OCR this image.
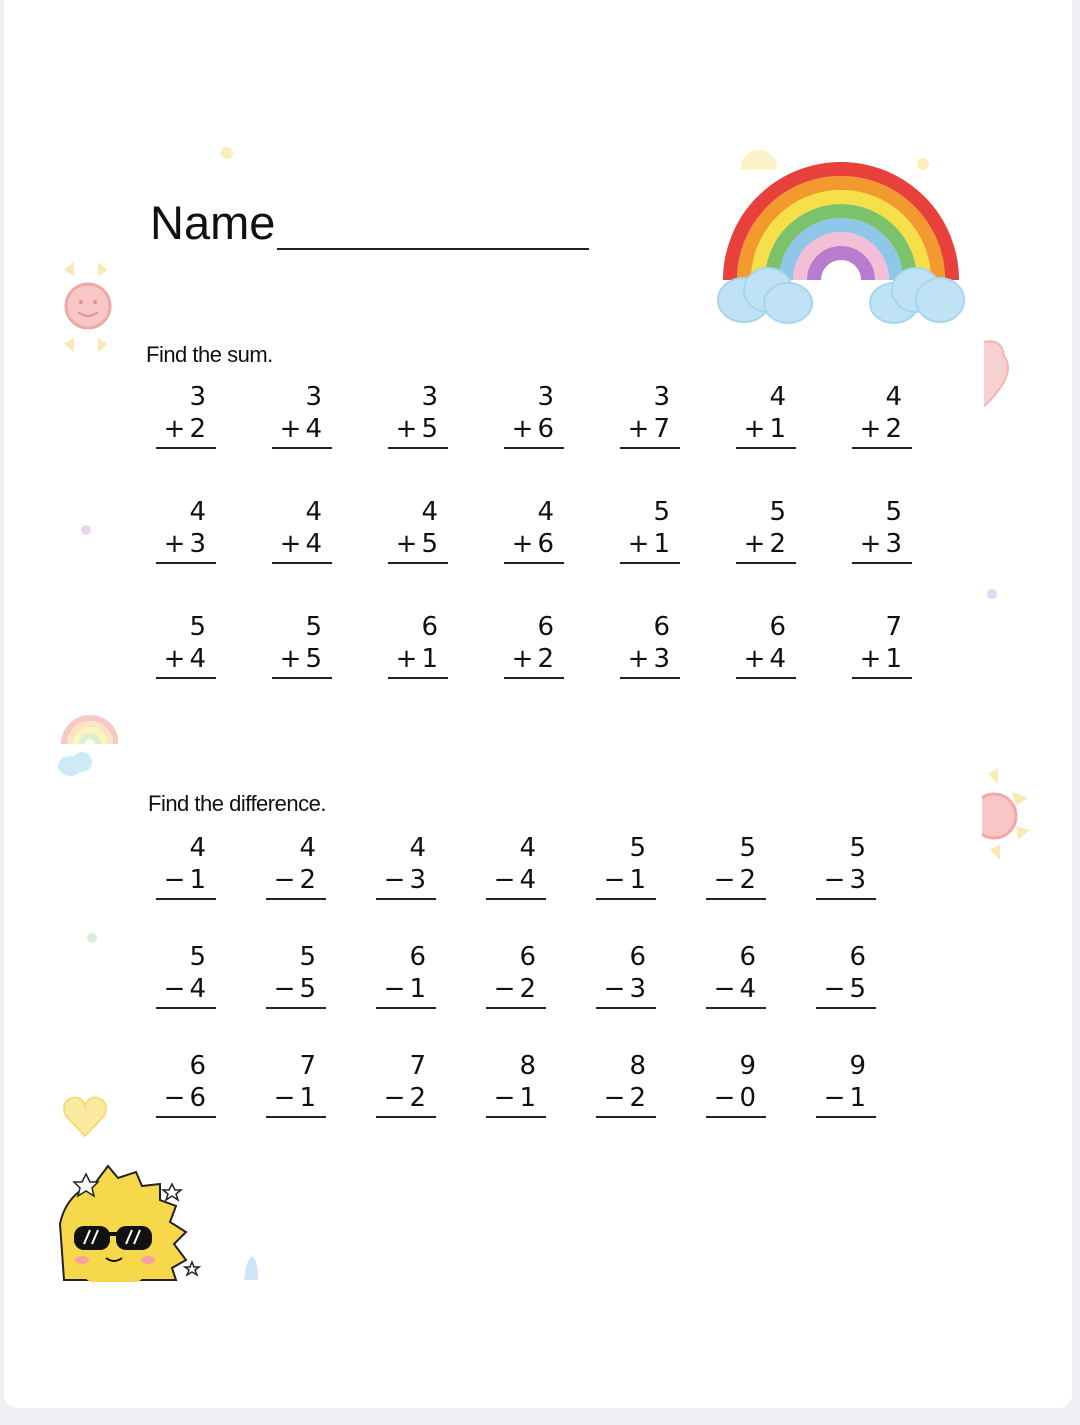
Name
Find the sum.
3
+ 2
3
+ 4
3
+ 5
3
+ 6
3
+ 7
4
+ 1
4
+ 2
4
+ 3
4
+ 4
4
+ 5
4
+ 6
5
+ 1
5
+ 2
5
+ 3
5
+ 4
5
+ 5
6
+ 1
6
+ 2
6
+ 3
6
+ 4
7
+ 1
Find the difference.
4
− 1
4
− 2
4
− 3
4
− 4
5
− 1
5
− 2
5
− 3
5
− 4
5
− 5
6
− 1
6
− 2
6
− 3
6
− 4
6
− 5
6
− 6
7
− 1
7
− 2
8
− 1
8
− 2
9
− 0
9
− 1
